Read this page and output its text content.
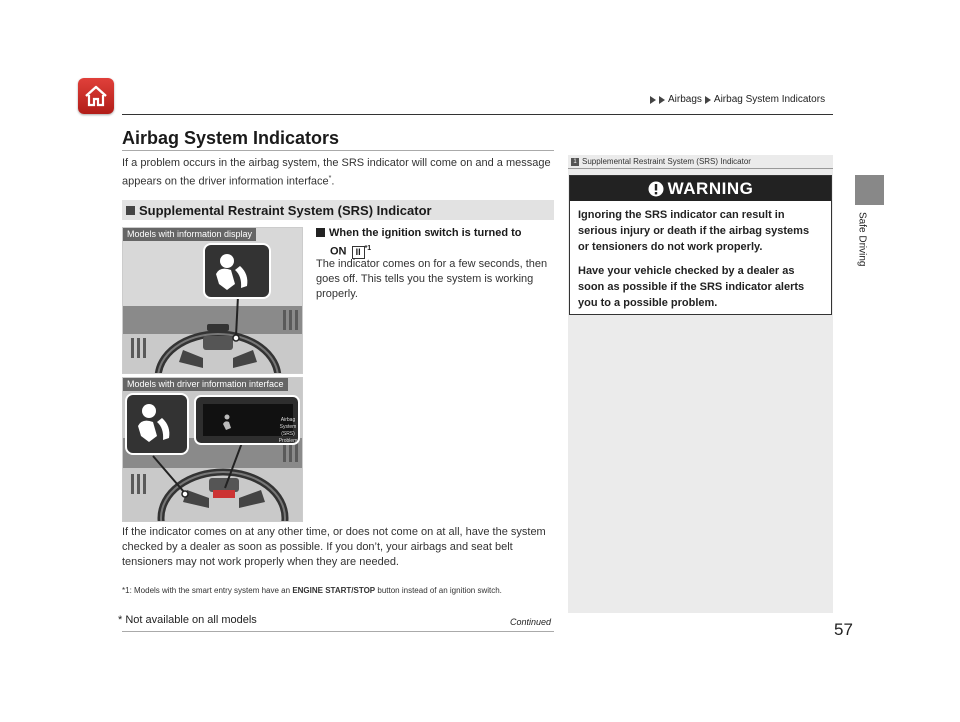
Airbags Airbag System Indicators
Safe Driving
Airbag System Indicators
If a problem occurs in the airbag system, the SRS indicator will come on and a message appears on the driver information interface*.
Supplemental Restraint System (SRS) Indicator
Models with information display
Models with driver information interface
Airbag System
(SRS) Problem
When the ignition switch is turned to
ON II $^{*1}$
The indicator comes on for a few seconds, then goes off. This tells you the system is working properly.
If the indicator comes on at any other time, or does not come on at all, have the system checked by a dealer as soon as possible. If you don’t, your airbags and seat belt tensioners may not work properly when they are needed.
*1: Models with the smart entry system have an ENGINE START/STOP button instead of an ignition switch.
1 Supplemental Restraint System (SRS) Indicator
WARNING

Ignoring the SRS indicator can result in serious injury or death if the airbag systems or tensioners do not work properly.

Have your vehicle checked by a dealer as soon as possible if the SRS indicator alerts you to a possible problem.

* Not available on all models	Continued	57
